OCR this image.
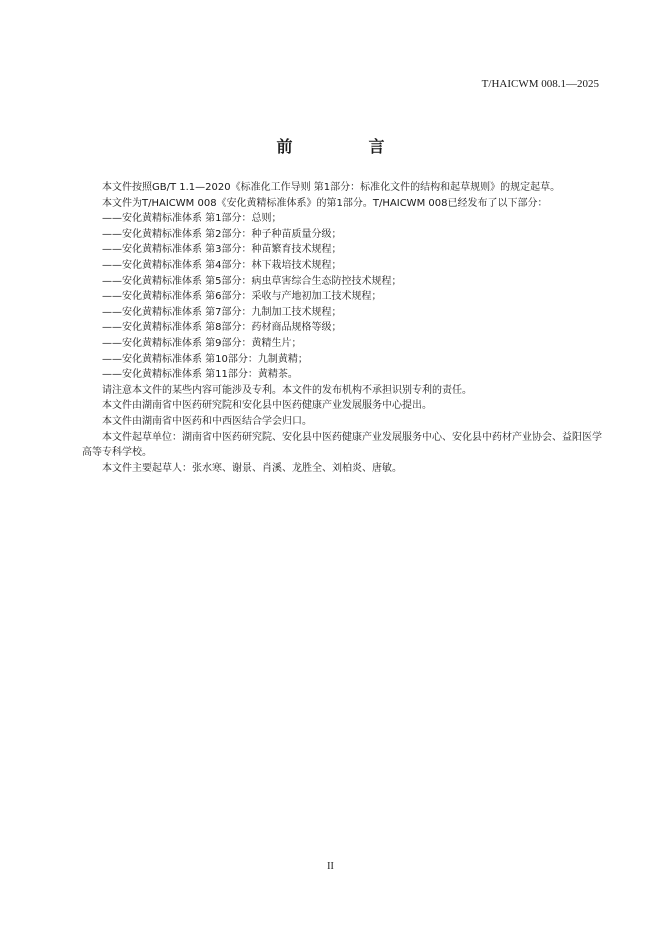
T/HAICWM 008.1—2025
前　言

本文件按照GB/T 1.1—2020《标准化工作导则 第1部分：标准化文件的结构和起草规则》的规定起草。

本文件为T/HAICWM 008《安化黄精标准体系》的第1部分。T/HAICWM 008已经发布了以下部分：

——安化黄精标准体系 第1部分：总则；

——安化黄精标准体系 第2部分：种子种苗质量分级；

——安化黄精标准体系 第3部分：种苗繁育技术规程；

——安化黄精标准体系 第4部分：林下栽培技术规程；

——安化黄精标准体系 第5部分：病虫草害综合生态防控技术规程；

——安化黄精标准体系 第6部分：采收与产地初加工技术规程；

——安化黄精标准体系 第7部分：九制加工技术规程；

——安化黄精标准体系 第8部分：药材商品规格等级；

——安化黄精标准体系 第9部分：黄精生片；

——安化黄精标准体系 第10部分：九制黄精；

——安化黄精标准体系 第11部分：黄精茶。

请注意本文件的某些内容可能涉及专利。本文件的发布机构不承担识别专利的责任。

本文件由湖南省中医药研究院和安化县中医药健康产业发展服务中心提出。

本文件由湖南省中医药和中西医结合学会归口。

本文件起草单位：湖南省中医药研究院、安化县中医药健康产业发展服务中心、安化县中药材产业协会、益阳医学高等专科学校。

本文件主要起草人：张水寒、谢景、肖溪、龙胜全、刘柏炎、唐敏。

II
